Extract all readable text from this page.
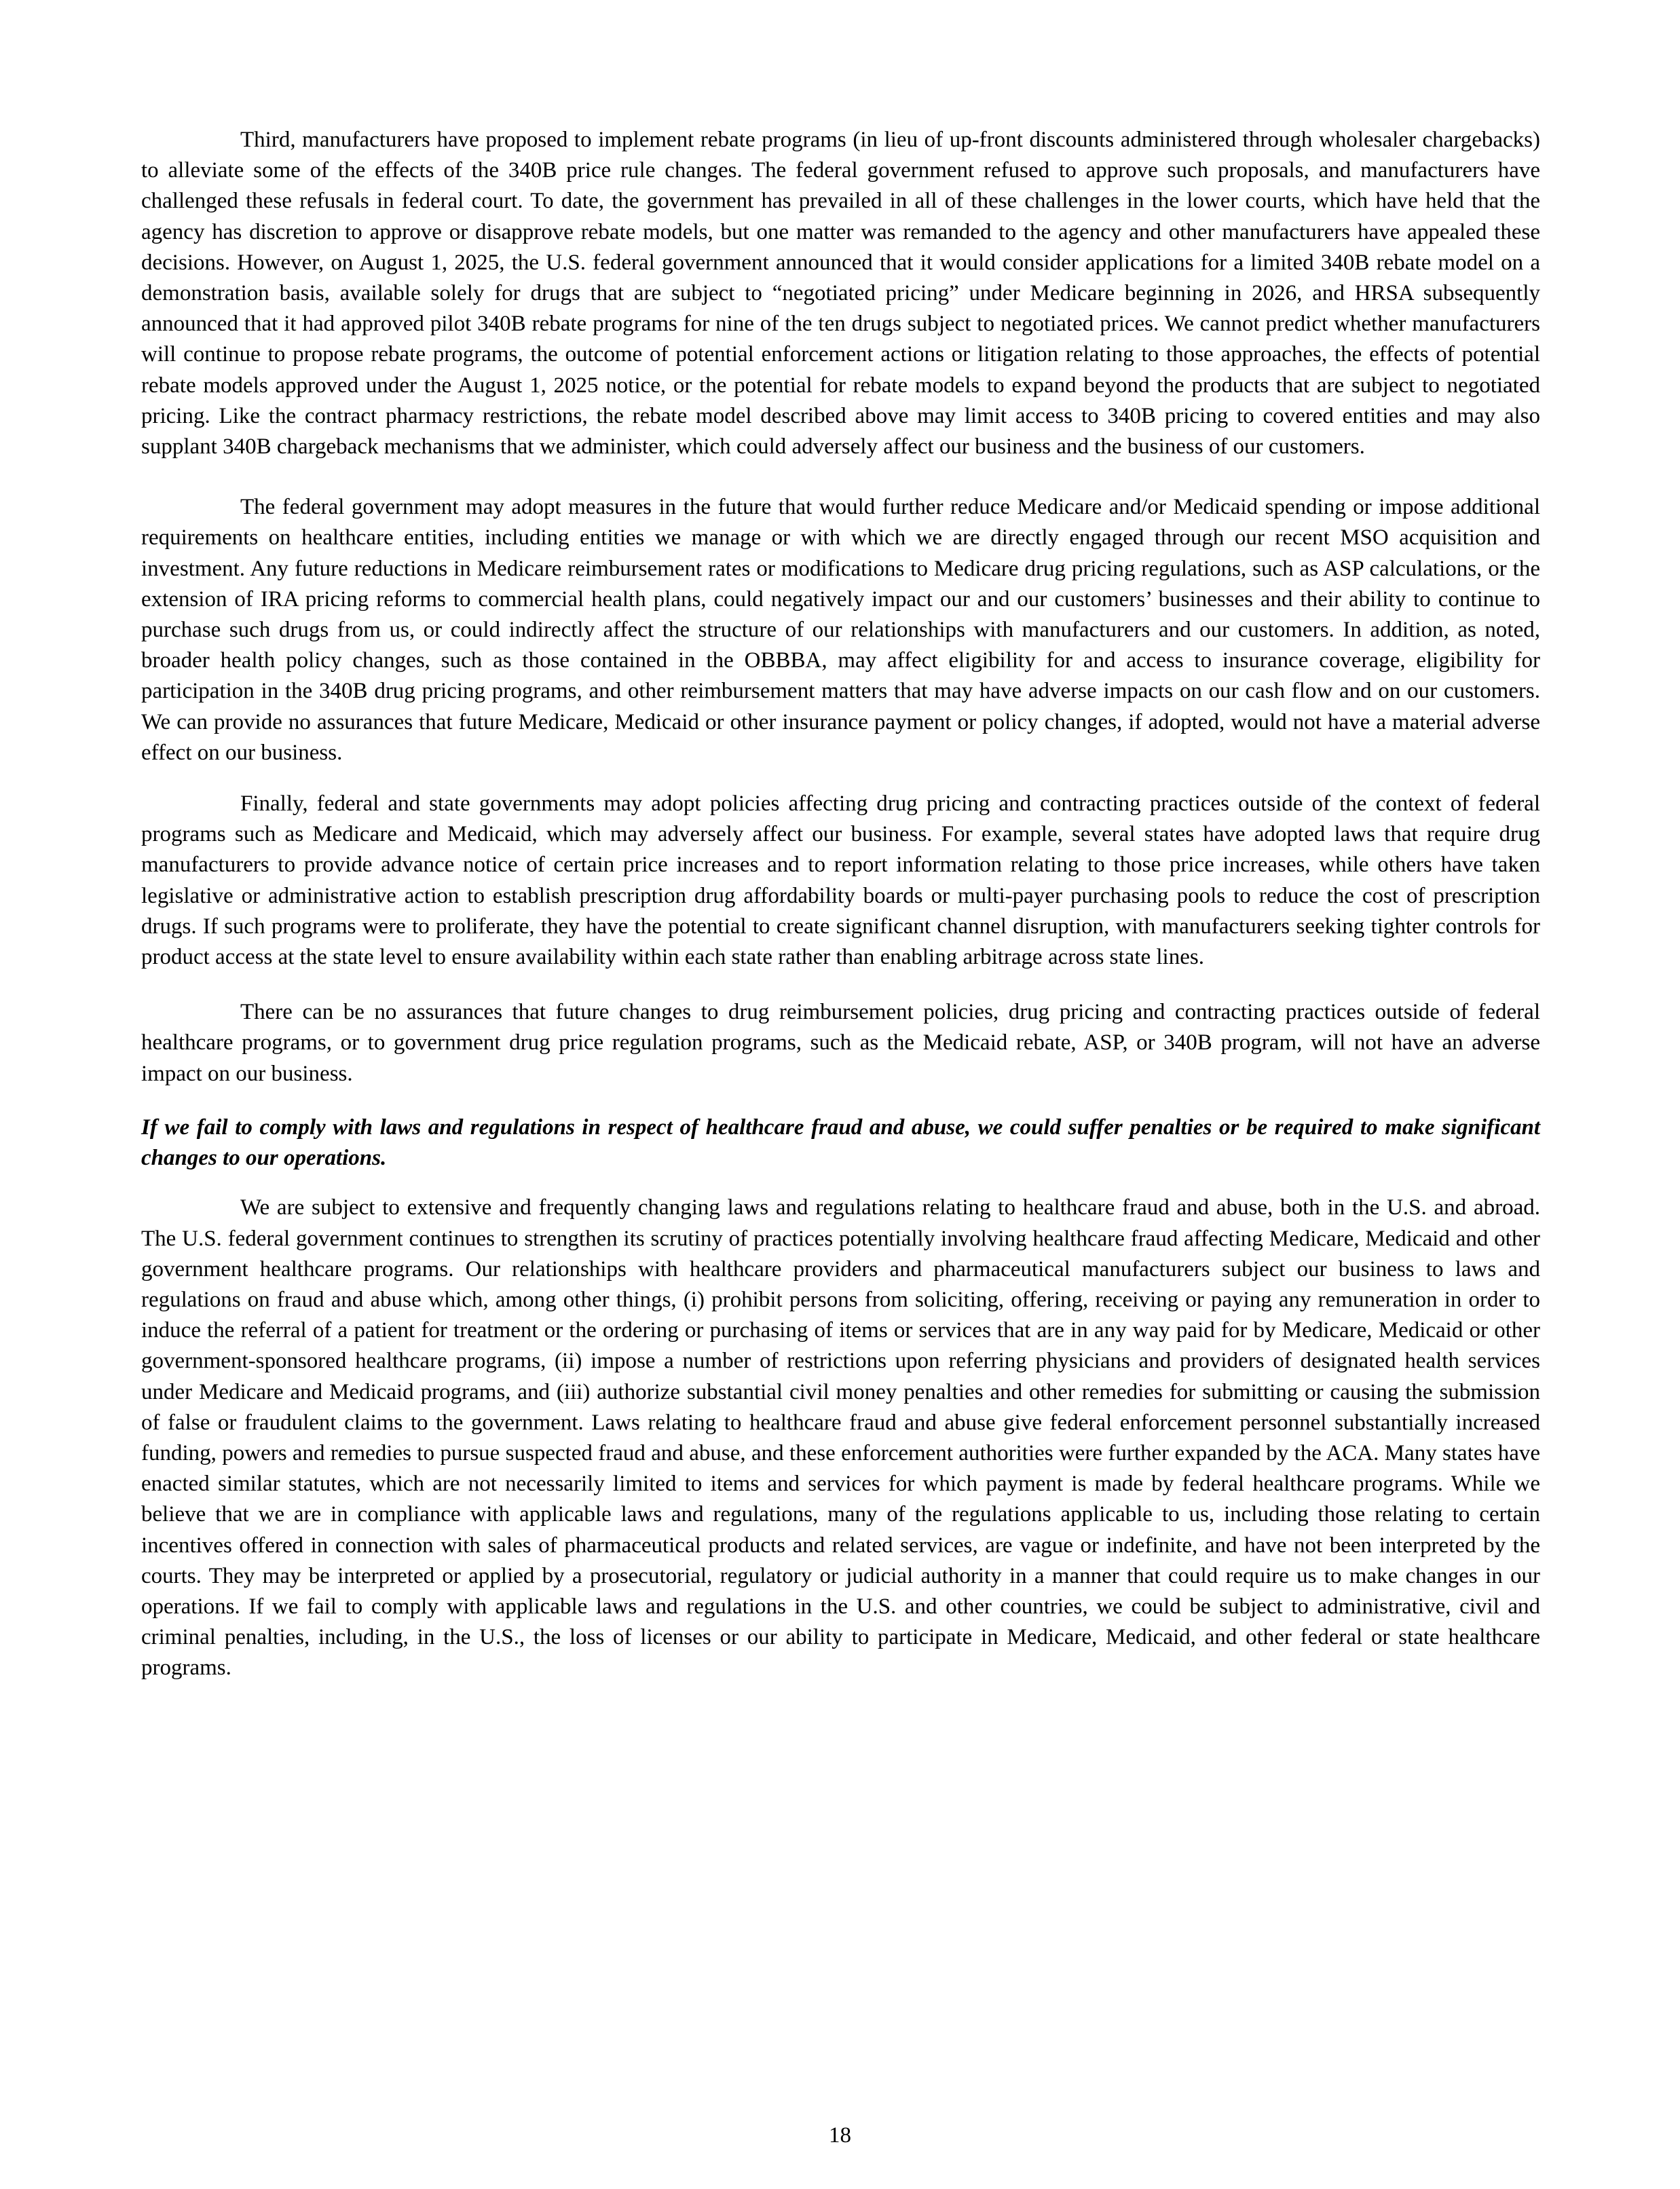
Third, manufacturers have proposed to implement rebate programs (in lieu of up-front discounts administered through wholesaler chargebacks) to alleviate some of the effects of the 340B price rule changes. The federal government refused to approve such proposals, and manufacturers have challenged these refusals in federal court. To date, the government has prevailed in all of these challenges in the lower courts, which have held that the agency has discretion to approve or disapprove rebate models, but one matter was remanded to the agency and other manufacturers have appealed these decisions. However, on August 1, 2025, the U.S. federal government announced that it would consider applications for a limited 340B rebate model on a demonstration basis, available solely for drugs that are subject to “negotiated pricing” under Medicare beginning in 2026, and HRSA subsequently announced that it had approved pilot 340B rebate programs for nine of the ten drugs subject to negotiated prices. We cannot predict whether manufacturers will continue to propose rebate programs, the outcome of potential enforcement actions or litigation relating to those approaches, the effects of potential rebate models approved under the August 1, 2025 notice, or the potential for rebate models to expand beyond the products that are subject to negotiated pricing. Like the contract pharmacy restrictions, the rebate model described above may limit access to 340B pricing to covered entities and may also supplant 340B chargeback mechanisms that we administer, which could adversely affect our business and the business of our customers.

The federal government may adopt measures in the future that would further reduce Medicare and/or Medicaid spending or impose additional requirements on healthcare entities, including entities we manage or with which we are directly engaged through our recent MSO acquisition and investment. Any future reductions in Medicare reimbursement rates or modifications to Medicare drug pricing regulations, such as ASP calculations, or the extension of IRA pricing reforms to commercial health plans, could negatively impact our and our customers’ businesses and their ability to continue to purchase such drugs from us, or could indirectly affect the structure of our relationships with manufacturers and our customers. In addition, as noted, broader health policy changes, such as those contained in the OBBBA, may affect eligibility for and access to insurance coverage, eligibility for participation in the 340B drug pricing programs, and other reimbursement matters that may have adverse impacts on our cash flow and on our customers. We can provide no assurances that future Medicare, Medicaid or other insurance payment or policy changes, if adopted, would not have a material adverse effect on our business.

Finally, federal and state governments may adopt policies affecting drug pricing and contracting practices outside of the context of federal programs such as Medicare and Medicaid, which may adversely affect our business. For example, several states have adopted laws that require drug manufacturers to provide advance notice of certain price increases and to report information relating to those price increases, while others have taken legislative or administrative action to establish prescription drug affordability boards or multi-payer purchasing pools to reduce the cost of prescription drugs. If such programs were to proliferate, they have the potential to create significant channel disruption, with manufacturers seeking tighter controls for product access at the state level to ensure availability within each state rather than enabling arbitrage across state lines.

There can be no assurances that future changes to drug reimbursement policies, drug pricing and contracting practices outside of federal healthcare programs, or to government drug price regulation programs, such as the Medicaid rebate, ASP, or 340B program, will not have an adverse impact on our business.

If we fail to comply with laws and regulations in respect of healthcare fraud and abuse, we could suffer penalties or be required to make significant changes to our operations.

We are subject to extensive and frequently changing laws and regulations relating to healthcare fraud and abuse, both in the U.S. and abroad. The U.S. federal government continues to strengthen its scrutiny of practices potentially involving healthcare fraud affecting Medicare, Medicaid and other government healthcare programs. Our relationships with healthcare providers and pharmaceutical manufacturers subject our business to laws and regulations on fraud and abuse which, among other things, (i) prohibit persons from soliciting, offering, receiving or paying any remuneration in order to induce the referral of a patient for treatment or the ordering or purchasing of items or services that are in any way paid for by Medicare, Medicaid or other government-sponsored healthcare programs, (ii) impose a number of restrictions upon referring physicians and providers of designated health services under Medicare and Medicaid programs, and (iii) authorize substantial civil money penalties and other remedies for submitting or causing the submission of false or fraudulent claims to the government. Laws relating to healthcare fraud and abuse give federal enforcement personnel substantially increased funding, powers and remedies to pursue suspected fraud and abuse, and these enforcement authorities were further expanded by the ACA. Many states have enacted similar statutes, which are not necessarily limited to items and services for which payment is made by federal healthcare programs. While we believe that we are in compliance with applicable laws and regulations, many of the regulations applicable to us, including those relating to certain incentives offered in connection with sales of pharmaceutical products and related services, are vague or indefinite, and have not been interpreted by the courts. They may be interpreted or applied by a prosecutorial, regulatory or judicial authority in a manner that could require us to make changes in our operations. If we fail to comply with applicable laws and regulations in the U.S. and other countries, we could be subject to administrative, civil and criminal penalties, including, in the U.S., the loss of licenses or our ability to participate in Medicare, Medicaid, and other federal or state healthcare programs.

18
